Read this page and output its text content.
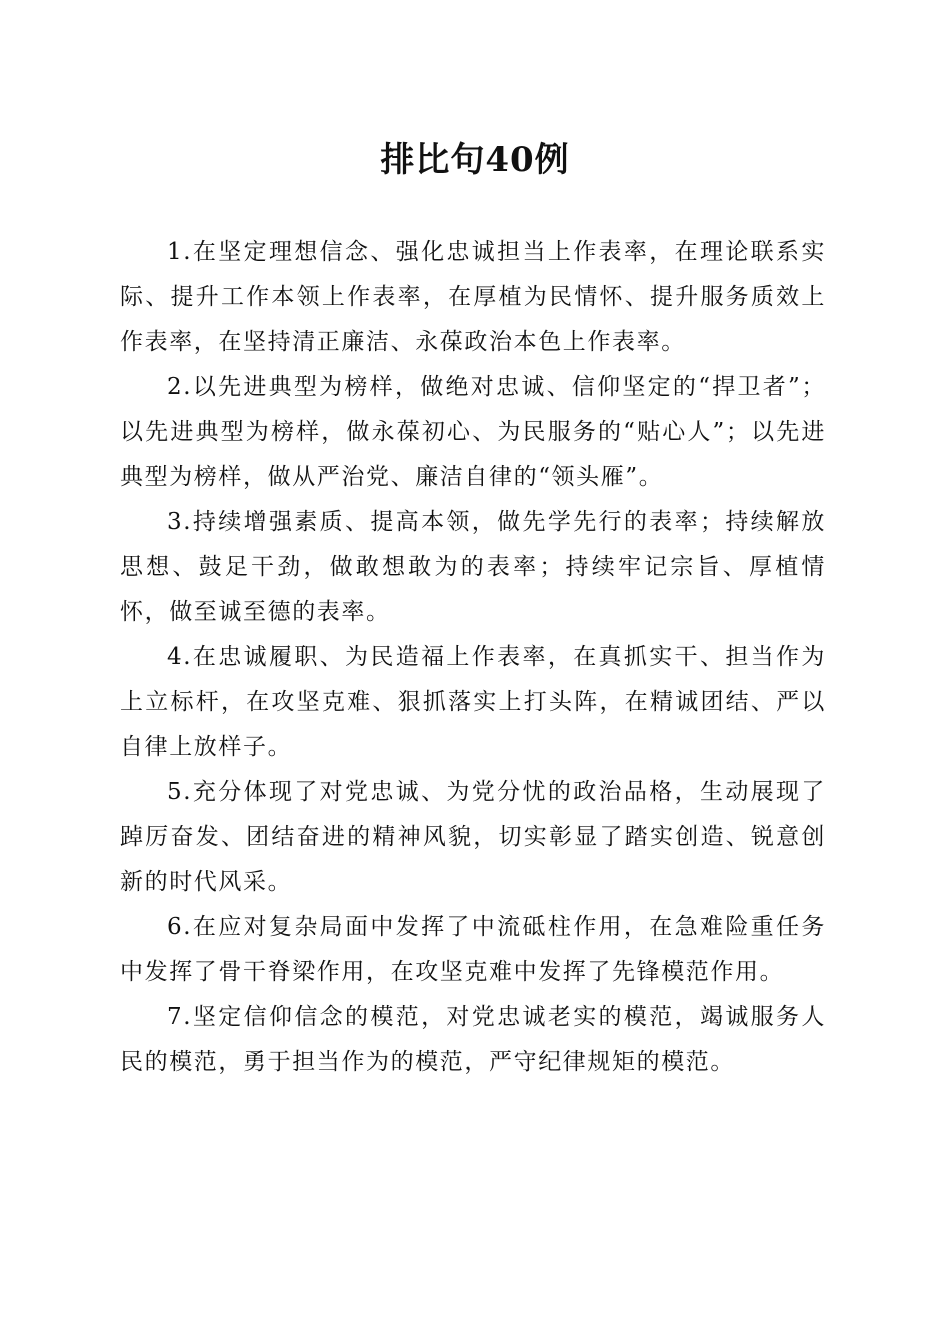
排比句40例

1.在坚定理想信念、强化忠诚担当上作表率，在理论联系实际、提升工作本领上作表率，在厚植为民情怀、提升服务质效上作表率，在坚持清正廉洁、永葆政治本色上作表率。

2.以先进典型为榜样，做绝对忠诚、信仰坚定的“捍卫者”；以先进典型为榜样，做永葆初心、为民服务的“贴心人”；以先进典型为榜样，做从严治党、廉洁自律的“领头雁”。

3.持续增强素质、提高本领，做先学先行的表率；持续解放思想、鼓足干劲，做敢想敢为的表率；持续牢记宗旨、厚植情怀，做至诚至德的表率。

4.在忠诚履职、为民造福上作表率，在真抓实干、担当作为上立标杆，在攻坚克难、狠抓落实上打头阵，在精诚团结、严以自律上放样子。

5.充分体现了对党忠诚、为党分忧的政治品格，生动展现了踔厉奋发、团结奋进的精神风貌，切实彰显了踏实创造、锐意创新的时代风采。

6.在应对复杂局面中发挥了中流砥柱作用，在急难险重任务中发挥了骨干脊梁作用，在攻坚克难中发挥了先锋模范作用。

7.坚定信仰信念的模范，对党忠诚老实的模范，竭诚服务人民的模范，勇于担当作为的模范，严守纪律规矩的模范。
